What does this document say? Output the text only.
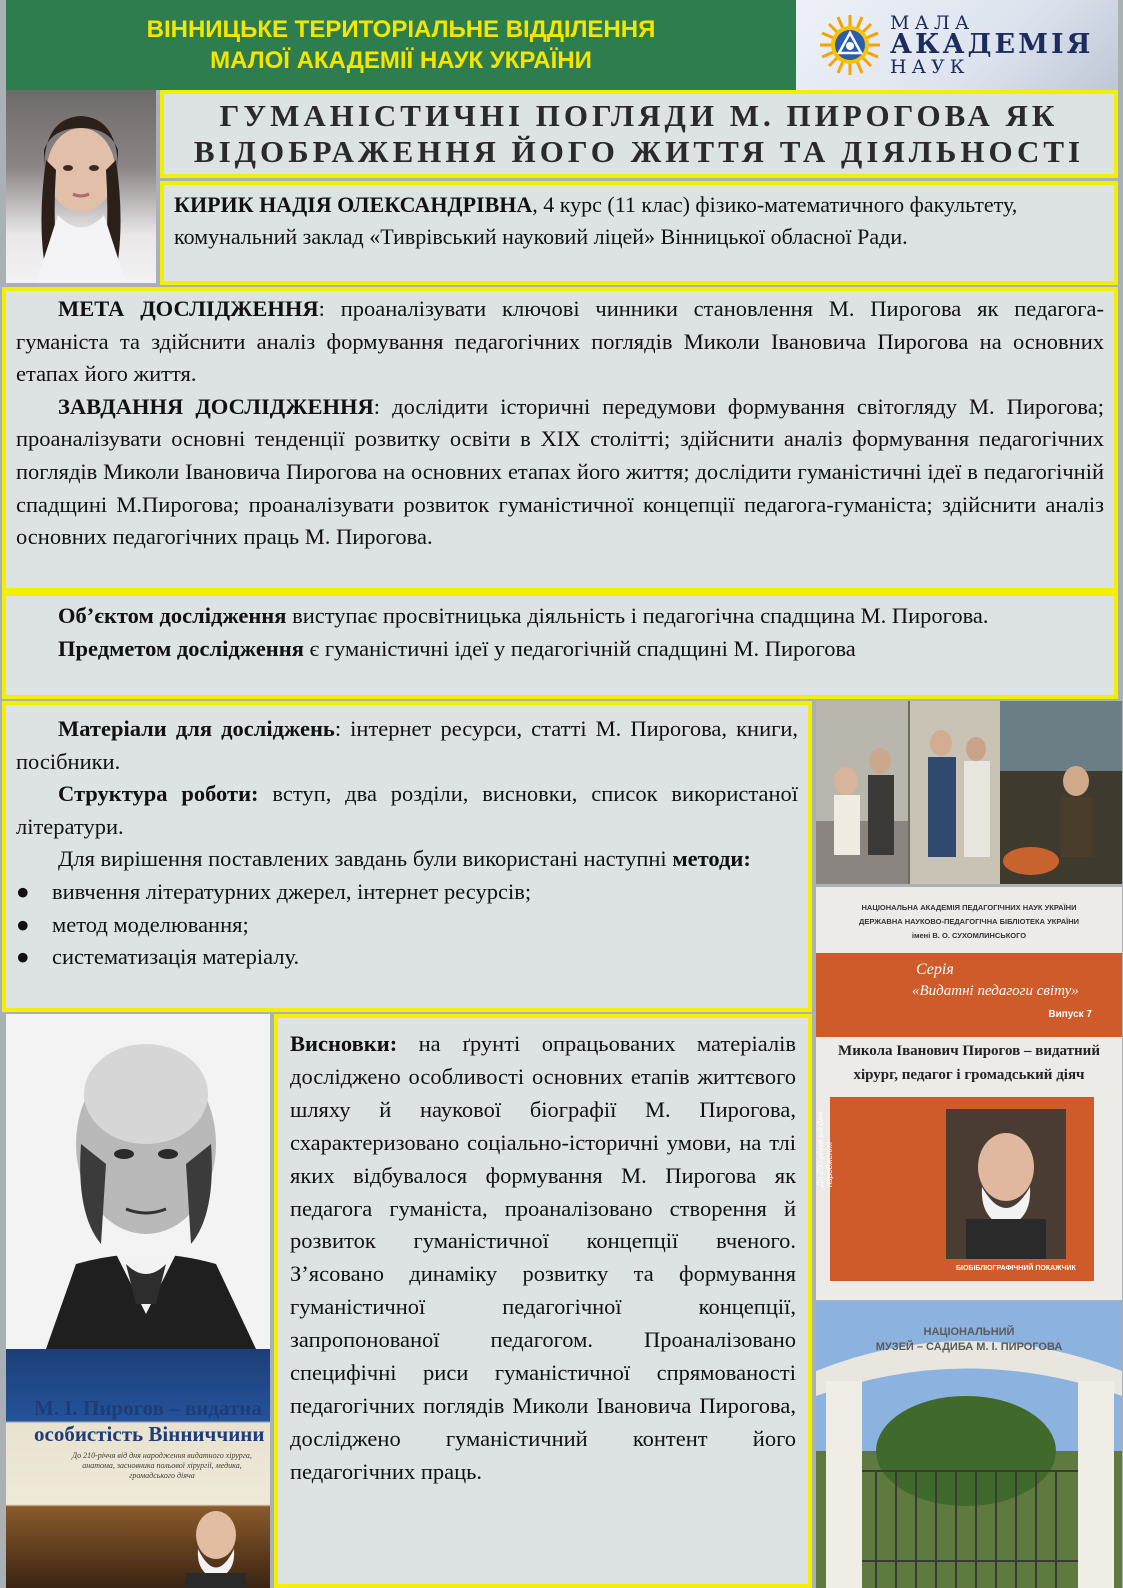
ВІННИЦЬКЕ ТЕРИТОРІАЛЬНЕ ВІДДІЛЕННЯ
МАЛОЇ АКАДЕМІЇ НАУК УКРАЇНИ
МАЛА
АКАДЕМІЯ
НАУК
ГУМАНІСТИЧНІ ПОГЛЯДИ М. ПИРОГОВА ЯК
ВІДОБРАЖЕННЯ ЙОГО ЖИТТЯ ТА ДІЯЛЬНОСТІ
КИРИК НАДІЯ ОЛЕКСАНДРІВНА, 4 курс (11 клас) фізико-математичного факультету, комунальний заклад «Тиврівський науковий ліцей» Вінницької обласної Ради.

МЕТА ДОСЛІДЖЕННЯ: проаналізувати ключові чинники становлення М. Пирогова як педагога-гуманіста та здійснити аналіз формування педагогічних поглядів Миколи Івановича Пирогова на основних етапах його життя.

ЗАВДАННЯ ДОСЛІДЖЕННЯ: дослідити історичні передумови формування світогляду М. Пирогова; проаналізувати основні тенденції розвитку освіти в ХІХ столітті; здійснити аналіз формування педагогічних поглядів Миколи Івановича Пирогова на основних етапах його життя; дослідити гуманістичні ідеї в педагогічній спадщині М.Пирогова; проаналізувати розвиток гуманістичної концепції педагога-гуманіста; здійснити аналіз основних педагогічних праць М. Пирогова.

Об’єктом дослідження виступає просвітницька діяльність і педагогічна спадщина М. Пирогова.

Предметом дослідження є гуманістичні ідеї у педагогічній спадщині М. Пирогова

Матеріали для досліджень: інтернет ресурси, статті М. Пирогова, книги, посібники.

Структура роботи: вступ, два розділи, висновки, список використаної літератури.

Для вирішення поставлених завдань були використані наступні методи:

● вивчення літературних джерел, інтернет ресурсів;
● метод моделювання;
● систематизація матеріалу.
НАЦІОНАЛЬНА АКАДЕМІЯ ПЕДАГОГІЧНИХ НАУК УКРАЇНИ
ДЕРЖАВНА НАУКОВО-ПЕДАГОГІЧНА БІБЛІОТЕКА УКРАЇНИ
імені В. О. СУХОМЛИНСЬКОГО
Серія
«Видатні педагоги світу»
Випуск 7
Микола Іванович Пирогов – видатний
хірург, педагог і громадський діяч
До 200-річчя від дня народження
БІОБІБЛІОГРАФІЧНИЙ ПОКАЖЧИК
М. І. Пирогов – видатна
особистість Вінниччини
До 210-річчя від дня народження видатного хірурга, анатома, засновника польової хірургії, медика, громадського діяча

Висновки: на ґрунті опрацьованих матеріалів досліджено особливості основних етапів життєвого шляху й наукової біографії М. Пирогова, схарактеризовано соціально-історичні умови, на тлі яких відбувалося формування М. Пирогова як педагога гуманіста, проаналізовано створення й розвиток гуманістичної концепції вченого. З’ясовано динаміку розвитку та формування гуманістичної педагогічної концепції, запропонованої педагогом. Проаналізовано специфічні риси гуманістичної спрямованості педагогічних поглядів Миколи Івановича Пирогова, досліджено гуманістичний контент його педагогічних праць.

НАЦІОНАЛЬНИЙ
МУЗЕЙ – САДИБА М. І. ПИРОГОВА
